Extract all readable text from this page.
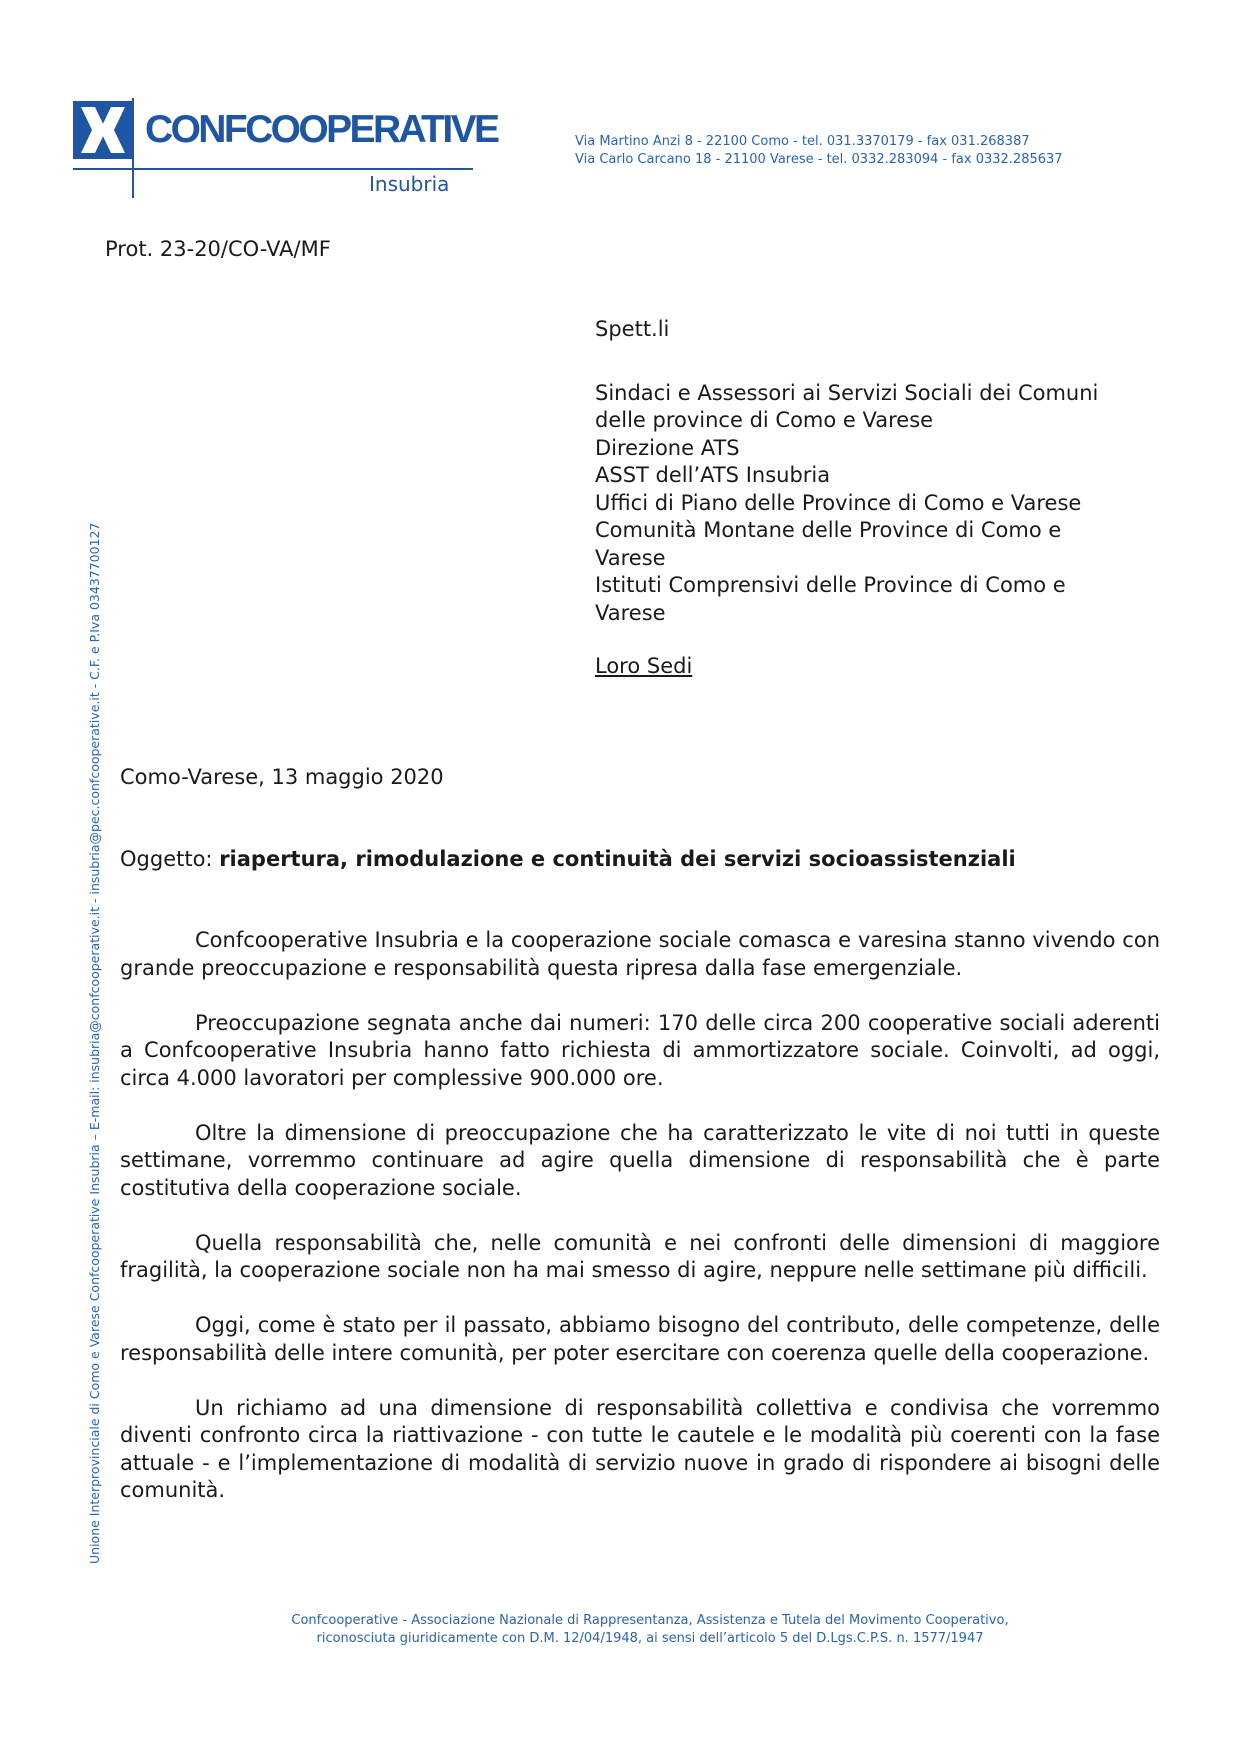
CONFCOOPERATIVE
Insubria
Via Martino Anzi 8 - 22100 Como - tel. 031.3370179 - fax 031.268387
Via Carlo Carcano 18 - 21100 Varese - tel. 0332.283094 - fax 0332.285637
Unione Interprovinciale di Como e Varese Confcooperative Insubria – E-mail: insubria@confcooperative.it - insubria@pec.confcooperative.it - C.F. e P.Iva 03437700127
Prot. 23-20/CO-VA/MF
Spett.li
Sindaci e Assessori ai Servizi Sociali dei Comuni
delle province di Como e Varese
Direzione ATS
ASST dell’ATS Insubria
Uffici di Piano delle Province di Como e Varese
Comunità Montane delle Province di Como e
Varese
Istituti Comprensivi delle Province di Como e
Varese
Loro Sedi
Como-Varese, 13 maggio 2020
Oggetto: riapertura, rimodulazione e continuità dei servizi socioassistenziali

Confcooperative Insubria e la cooperazione sociale comasca e varesina stanno vivendo con grande preoccupazione e responsabilità questa ripresa dalla fase emergenziale.

Preoccupazione segnata anche dai numeri: 170 delle circa 200 cooperative sociali aderenti a Confcooperative Insubria hanno fatto richiesta di ammortizzatore sociale. Coinvolti, ad oggi, circa 4.000 lavoratori per complessive 900.000 ore.

Oltre la dimensione di preoccupazione che ha caratterizzato le vite di noi tutti in queste settimane, vorremmo continuare ad agire quella dimensione di responsabilità che è parte costitutiva della cooperazione sociale.

Quella responsabilità che, nelle comunità e nei confronti delle dimensioni di maggiore fragilità, la cooperazione sociale non ha mai smesso di agire, neppure nelle settimane più difficili.

Oggi, come è stato per il passato, abbiamo bisogno del contributo, delle competenze, delle responsabilità delle intere comunità, per poter esercitare con coerenza quelle della cooperazione.

Un richiamo ad una dimensione di responsabilità collettiva e condivisa che vorremmo diventi confronto circa la riattivazione - con tutte le cautele e le modalità più coerenti con la fase attuale - e l’implementazione di modalità di servizio nuove in grado di rispondere ai bisogni delle comunità.

Confcooperative - Associazione Nazionale di Rappresentanza, Assistenza e Tutela del Movimento Cooperativo,
riconosciuta giuridicamente con D.M. 12/04/1948, ai sensi dell’articolo 5 del D.Lgs.C.P.S. n. 1577/1947
